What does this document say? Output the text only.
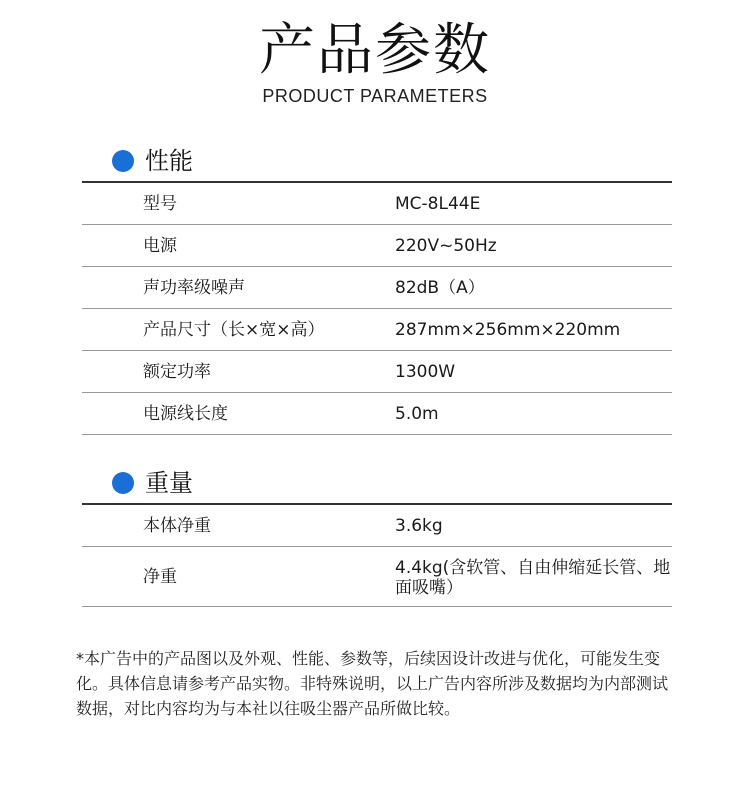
产品参数
PRODUCT PARAMETERS
性能
型号	MC-8L44E
电源	220V~50Hz
声功率级噪声	82dB（A）
产品尺寸（长×宽×高）	287mm×256mm×220mm
额定功率	1300W
电源线长度	5.0m
重量
本体净重	3.6kg
净重	4.4kg(含软管、自由伸缩延长管、地面吸嘴）
*本广告中的产品图以及外观、性能、参数等，后续因设计改进与优化，可能发生变化。具体信息请参考产品实物。非特殊说明，以上广告内容所涉及数据均为内部测试数据，对比内容均为与本社以往吸尘器产品所做比较。
